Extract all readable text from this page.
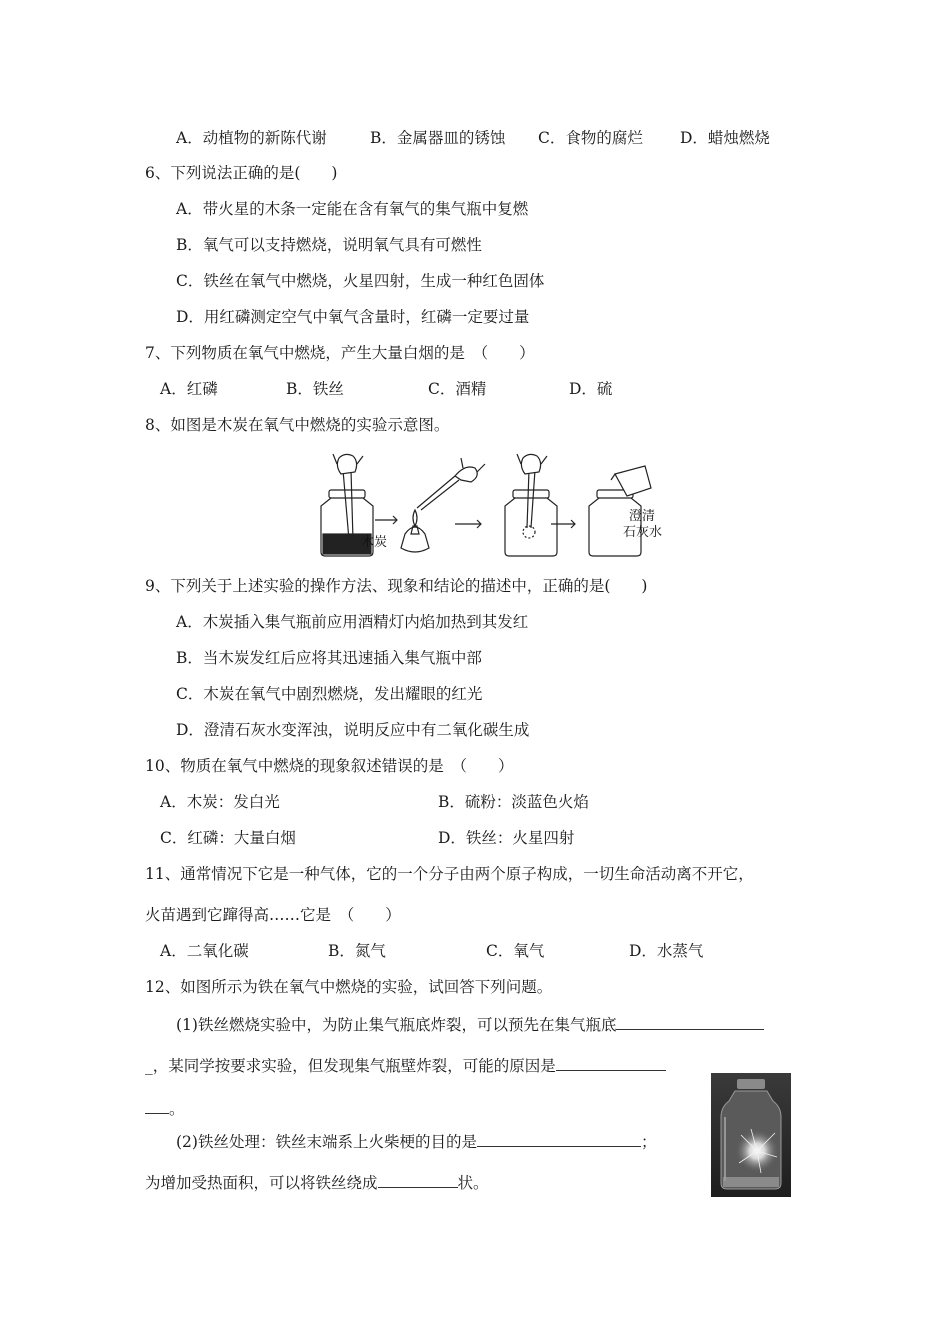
A．动植物的新陈代谢	B．金属器皿的锈蚀 C．食物的腐烂 D．蜡烛燃烧
6、下列说法正确的是(　　)
A．带火星的木条一定能在含有氧气的集气瓶中复燃
B．氧气可以支持燃烧，说明氧气具有可燃性
C．铁丝在氧气中燃烧，火星四射，生成一种红色固体
D．用红磷测定空气中氧气含量时，红磷一定要过量
7、下列物质在氧气中燃烧，产生大量白烟的是　（　　）
A．红磷	B．铁丝	C．酒精	D．硫
8、如图是木炭在氧气中燃烧的实验示意图。
木炭
澄清
石灰水
9、下列关于上述实验的操作方法、现象和结论的描述中，正确的是(　　)
A．木炭插入集气瓶前应用酒精灯内焰加热到其发红
B．当木炭发红后应将其迅速插入集气瓶中部
C．木炭在氧气中剧烈燃烧，发出耀眼的红光
D．澄清石灰水变浑浊，说明反应中有二氧化碳生成
10、物质在氧气中燃烧的现象叙述错误的是　（　　）
A．木炭：发白光	B．硫粉：淡蓝色火焰
C．红磷：大量白烟	D．铁丝：火星四射
11、通常情况下它是一种气体，它的一个分子由两个原子构成，一切生命活动离不开它，
火苗遇到它蹿得高……它是　（　　）
A．二氧化碳	B．氮气	C．氧气	D．水蒸气
12、如图所示为铁在氧气中燃烧的实验，试回答下列问题。
(1)铁丝燃烧实验中，为防止集气瓶底炸裂，可以预先在集气瓶底
_，某同学按要求实验，但发现集气瓶壁炸裂，可能的原因是
。
(2)铁丝处理：铁丝末端系上火柴梗的目的是	；
为增加受热面积，可以将铁丝绕成	状。
